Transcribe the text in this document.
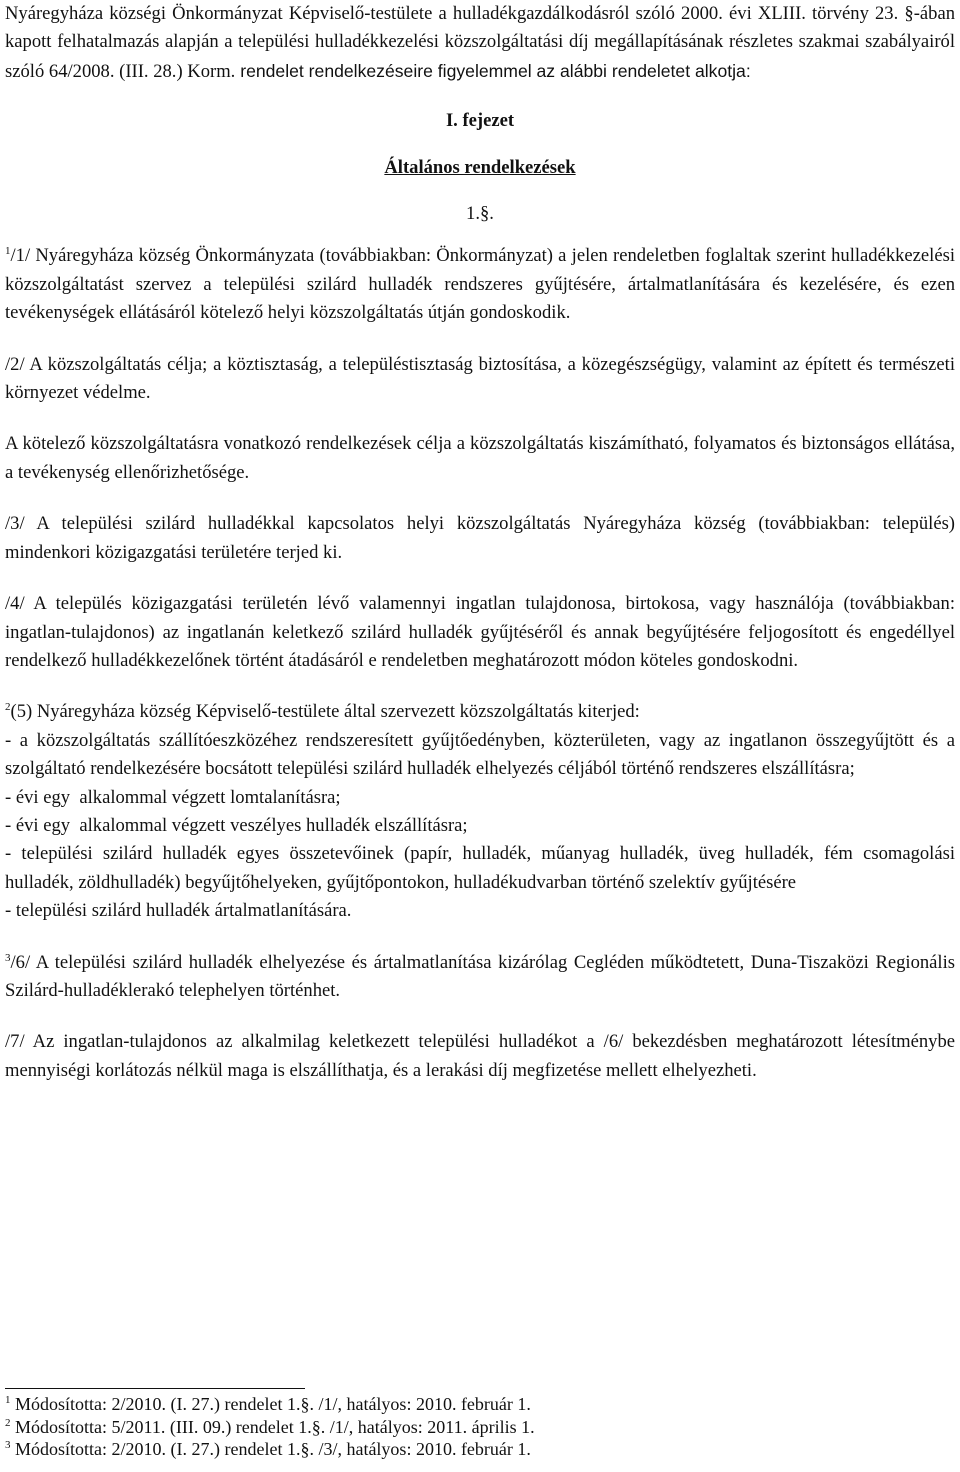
Nyáregyháza községi Önkormányzat Képviselő-testülete a hulladékgazdálkodásról szóló 2000. évi XLIII. törvény 23. §-ában kapott felhatalmazás alapján a települési hulladékkezelési közszolgáltatási díj megállapításának részletes szakmai szabályairól szóló 64/2008. (III. 28.) Korm. rendelet rendelkezéseire figyelemmel az alábbi rendeletet alkotja:

I. fejezet

Általános rendelkezések

1.§.

$^1$/1/ Nyáregyháza község Önkormányzata (továbbiakban: Önkormányzat) a jelen rendeletben foglaltak szerint hulladékkezelési közszolgáltatást szervez a települési szilárd hulladék rendszeres gyűjtésére, ártalmatlanítására és kezelésére, és ezen tevékenységek ellátásáról kötelező helyi közszolgáltatás útján gondoskodik.

/2/ A közszolgáltatás célja; a köztisztaság, a településtisztaság biztosítása, a közegészségügy, valamint az épített és természeti környezet védelme.

A kötelező közszolgáltatásra vonatkozó rendelkezések célja a közszolgáltatás kiszámítható, folyamatos és biztonságos ellátása, a tevékenység ellenőrizhetősége.

/3/ A települési szilárd hulladékkal kapcsolatos helyi közszolgáltatás Nyáregyháza község (továbbiakban: település) mindenkori közigazgatási területére terjed ki.

/4/ A település közigazgatási területén lévő valamennyi ingatlan tulajdonosa, birtokosa, vagy használója (továbbiakban: ingatlan-tulajdonos) az ingatlanán keletkező szilárd hulladék gyűjtéséről és annak begyűjtésére feljogosított és engedéllyel rendelkező hulladékkezelőnek történt átadásáról e rendeletben meghatározott módon köteles gondoskodni.

$^2$(5) Nyáregyháza község Képviselő-testülete által szervezett közszolgáltatás kiterjed:

- a közszolgáltatás szállítóeszközéhez rendszeresített gyűjtőedényben, közterületen, vagy az ingatlanon összegyűjtött és a szolgáltató rendelkezésére bocsátott települési szilárd hulladék elhelyezés céljából történő rendszeres elszállításra;

- évi egy  alkalommal végzett lomtalanításra;

- évi egy  alkalommal végzett veszélyes hulladék elszállításra;

- települési szilárd hulladék egyes összetevőinek (papír, hulladék, műanyag hulladék, üveg hulladék, fém csomagolási hulladék, zöldhulladék) begyűjtőhelyeken, gyűjtőpontokon, hulladékudvarban történő szelektív gyűjtésére

- települési szilárd hulladék ártalmatlanítására.

$^3$/6/ A települési szilárd hulladék elhelyezése és ártalmatlanítása kizárólag Cegléden működtetett, Duna-Tiszaközi Regionális Szilárd-hulladéklerakó telephelyen történhet.

/7/ Az ingatlan-tulajdonos az alkalmilag keletkezett települési hulladékot a /6/ bekezdésben meghatározott létesítménybe mennyiségi korlátozás nélkül maga is elszállíthatja, és a lerakási díj megfizetése mellett elhelyezheti.

$^1$ Módosította: 2/2010. (I. 27.) rendelet 1.§. /1/, hatályos: 2010. február 1.

$^2$ Módosította: 5/2011. (III. 09.) rendelet 1.§. /1/, hatályos: 2011. április 1.

$^3$ Módosította: 2/2010. (I. 27.) rendelet 1.§. /3/, hatályos: 2010. február 1.
